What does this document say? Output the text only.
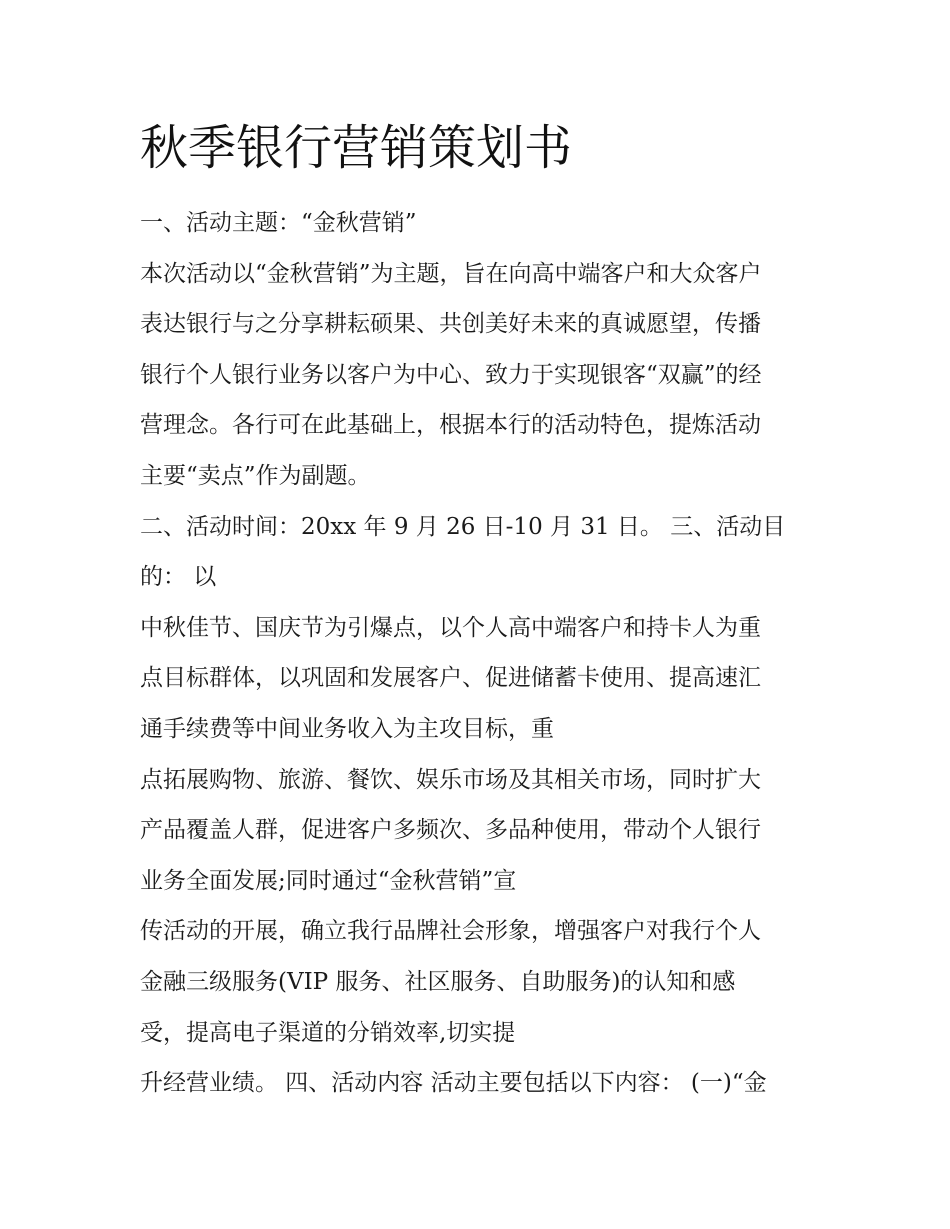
秋季银行营销策划书
一、活动主题：“金秋营销”
本次活动以“金秋营销”为主题，旨在向高中端客户和大众客户
表达银行与之分享耕耘硕果、共创美好未来的真诚愿望，传播
银行个人银行业务以客户为中心、致力于实现银客“双赢”的经
营理念。各行可在此基础上，根据本行的活动特色，提炼活动
主要“卖点”作为副题。
二、活动时间：20xx 年 9 月 26 日-10 月 31 日。 三、活动目
的： 以
中秋佳节、国庆节为引爆点，以个人高中端客户和持卡人为重
点目标群体，以巩固和发展客户、促进储蓄卡使用、提高速汇
通手续费等中间业务收入为主攻目标，重
点拓展购物、旅游、餐饮、娱乐市场及其相关市场，同时扩大
产品覆盖人群，促进客户多频次、多品种使用，带动个人银行
业务全面发展;同时通过“金秋营销”宣
传活动的开展，确立我行品牌社会形象，增强客户对我行个人
金融三级服务(VIP 服务、社区服务、自助服务)的认知和感
受，提高电子渠道的分销效率,切实提
升经营业绩。 四、活动内容 活动主要包括以下内容： (一)“金
